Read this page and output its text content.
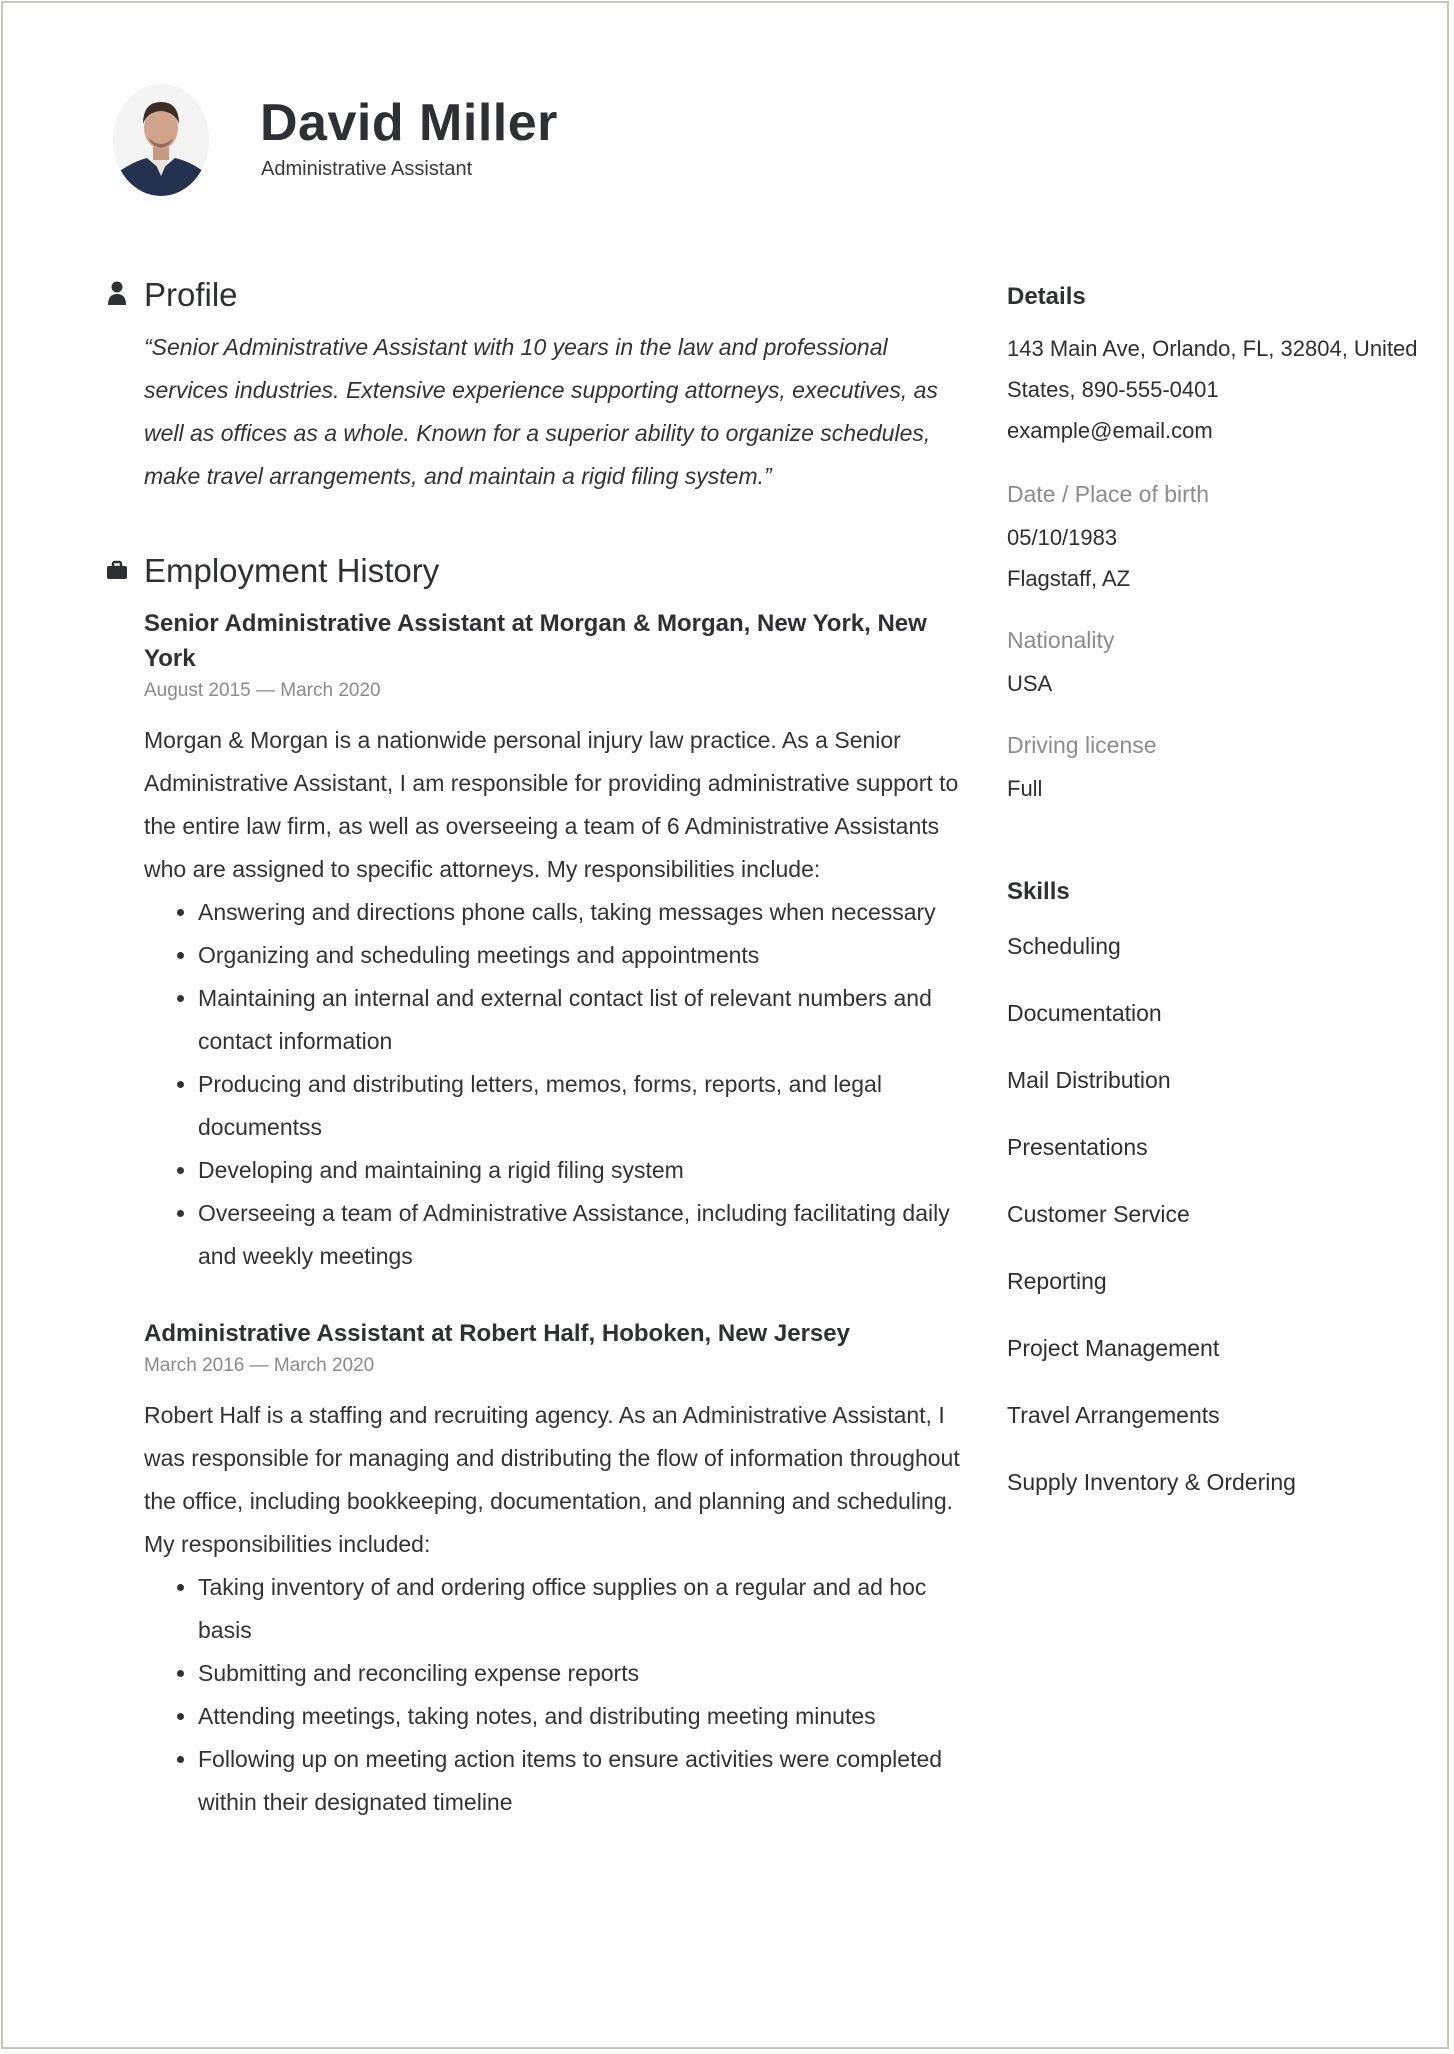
David Miller
Administrative Assistant
Profile
“Senior Administrative Assistant with 10 years in the law and professional services industries. Extensive experience supporting attorneys, executives, as well as offices as a whole. Known for a superior ability to organize schedules, make travel arrangements, and maintain a rigid filing system.”
Employment History
Senior Administrative Assistant at Morgan & Morgan, New York, New York
August 2015 — March 2020
Morgan & Morgan is a nationwide personal injury law practice. As a Senior Administrative Assistant, I am responsible for providing administrative support to the entire law firm, as well as overseeing a team of 6 Administrative Assistants who are assigned to specific attorneys. My responsibilities include:
• Answering and directions phone calls, taking messages when necessary
• Organizing and scheduling meetings and appointments
• Maintaining an internal and external contact list of relevant numbers and contact information
• Producing and distributing letters, memos, forms, reports, and legal documentss
• Developing and maintaining a rigid filing system
• Overseeing a team of Administrative Assistance, including facilitating daily and weekly meetings
Administrative Assistant at Robert Half, Hoboken, New Jersey
March 2016 — March 2020
Robert Half is a staffing and recruiting agency. As an Administrative Assistant, I was responsible for managing and distributing the flow of information throughout the office, including bookkeeping, documentation, and planning and scheduling. My responsibilities included:
• Taking inventory of and ordering office supplies on a regular and ad hoc basis
• Submitting and reconciling expense reports
• Attending meetings, taking notes, and distributing meeting minutes
• Following up on meeting action items to ensure activities were completed within their designated timeline
Details
143 Main Ave, Orlando, FL, 32804, United States, 890-555-0401
example@email.com
Date / Place of birth
05/10/1983
Flagstaff, AZ
Nationality
USA
Driving license
Full
Skills
Scheduling
Documentation
Mail Distribution
Presentations
Customer Service
Reporting
Project Management
Travel Arrangements
Supply Inventory & Ordering
